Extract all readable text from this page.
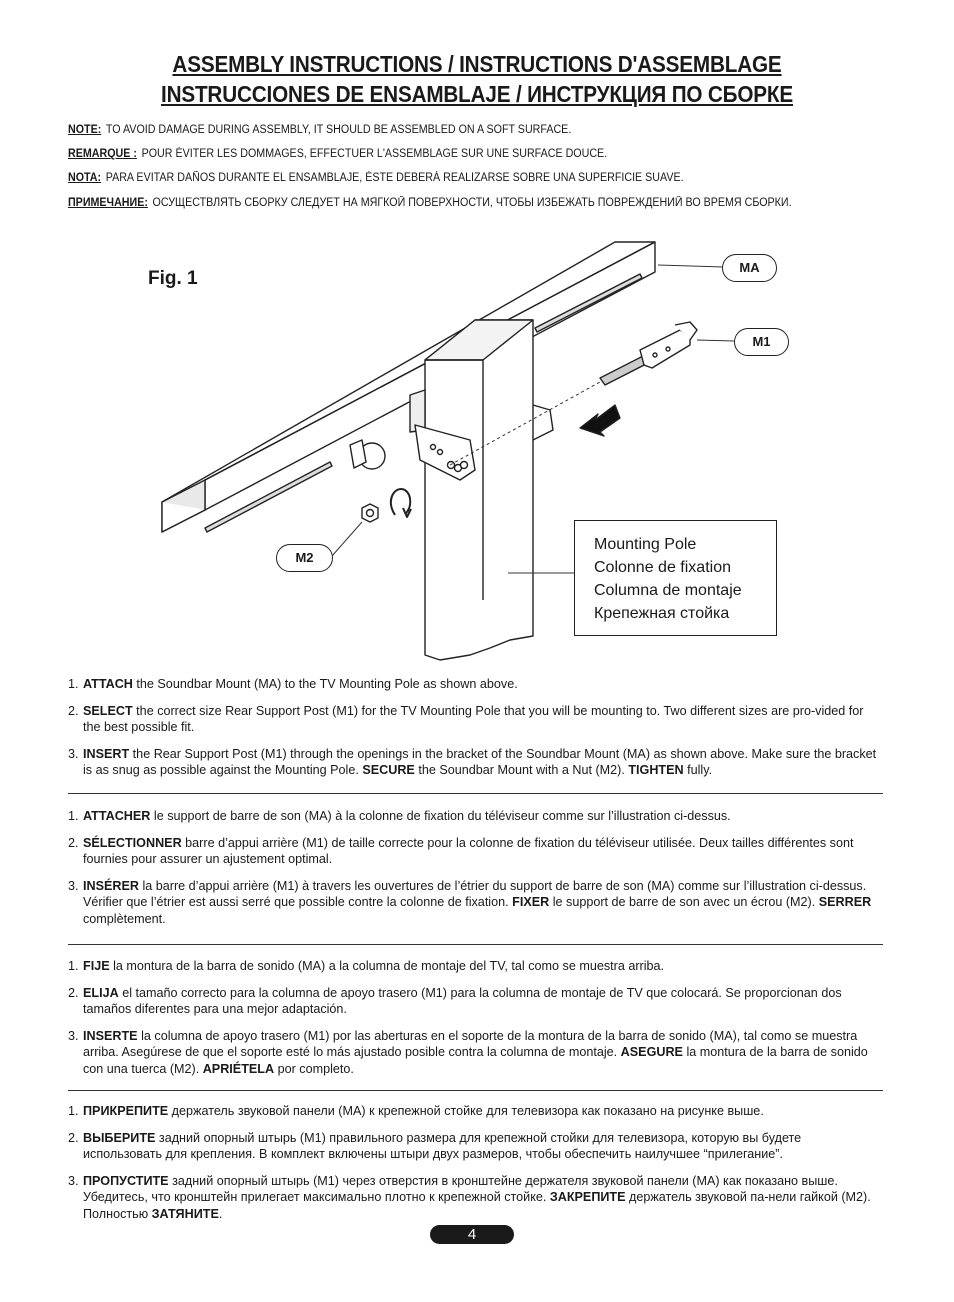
ASSEMBLY INSTRUCTIONS / INSTRUCTIONS D'ASSEMBLAGE
INSTRUCCIONES DE ENSAMBLAJE / ИНСТРУКЦИЯ ПО СБОРКЕ
NOTE: TO AVOID DAMAGE DURING ASSEMBLY, IT SHOULD BE ASSEMBLED ON A SOFT SURFACE.
REMARQUE : POUR ÉVITER LES DOMMAGES, EFFECTUER L'ASSEMBLAGE SUR UNE SURFACE DOUCE.
NOTA: PARA EVITAR DAÑOS DURANTE EL ENSAMBLAJE, ÉSTE DEBERÁ REALIZARSE SOBRE UNA SUPERFICIE SUAVE.
ПРИМЕЧАНИЕ: ОСУЩЕСТВЛЯТЬ СБОРКУ СЛЕДУЕТ НА МЯГКОЙ ПОВЕРХНОСТИ, ЧТОБЫ ИЗБЕЖАТЬ ПОВРЕЖДЕНИЙ ВО ВРЕМЯ СБОРКИ.
Fig. 1
MA
M1
M2
Mounting Pole
Colonne de fixation
Columna de montaje
Крепежная стойка
1. ATTACH the Soundbar Mount (MA) to the TV Mounting Pole as shown above.
2. SELECT the correct size Rear Support Post (M1) for the TV Mounting Pole that you will be mounting to. Two different sizes are pro-vided for the best possible fit.
3. INSERT the Rear Support Post (M1) through the openings in the bracket of the Soundbar Mount (MA) as shown above. Make sure the bracket is as snug as possible against the Mounting Pole. SECURE the Soundbar Mount with a Nut (M2). TIGHTEN fully.
1. ATTACHER le support de barre de son (MA) à la colonne de fixation du téléviseur comme sur l’illustration ci-dessus.
2. SÉLECTIONNER barre d’appui arrière (M1) de taille correcte pour la colonne de fixation du téléviseur utilisée. Deux tailles différentes sont fournies pour assurer un ajustement optimal.
3. INSÉRER la barre d’appui arrière (M1) à travers les ouvertures de l’étrier du support de barre de son (MA) comme sur l’illustration ci-dessus. Vérifier que l’étrier est aussi serré que possible contre la colonne de fixation. FIXER le support de barre de son avec un écrou (M2). SERRER complètement.
1. FIJE la montura de la barra de sonido (MA) a la columna de montaje del TV, tal como se muestra arriba.
2. ELIJA el tamaño correcto para la columna de apoyo trasero (M1) para la columna de montaje de TV que colocará. Se proporcionan dos tamaños diferentes para una mejor adaptación.
3. INSERTE la columna de apoyo trasero (M1) por las aberturas en el soporte de la montura de la barra de sonido (MA), tal como se muestra arriba. Asegúrese de que el soporte esté lo más ajustado posible contra la columna de montaje. ASEGURE la montura de la barra de sonido con una tuerca (M2). APRIÉTELA por completo.
1. ПРИКРЕПИТЕ держатель звуковой панели (МА) к крепежной стойке для телевизора как показано на рисунке выше.
2. ВЫБЕРИТЕ задний опорный штырь (M1) правильного размера для крепежной стойки для телевизора, которую вы будете использовать для крепления. В комплект включены штыри двух размеров, чтобы обеспечить наилучшее “прилегание”.
3. ПРОПУСТИТЕ задний опорный штырь (M1) через отверстия в кронштейне держателя звуковой панели (МА) как показано выше. Убедитесь, что кронштейн прилегает максимально плотно к крепежной стойке. ЗАКРЕПИТЕ держатель звуковой па-нели гайкой (М2). Полностью ЗАТЯНИТЕ.
4
